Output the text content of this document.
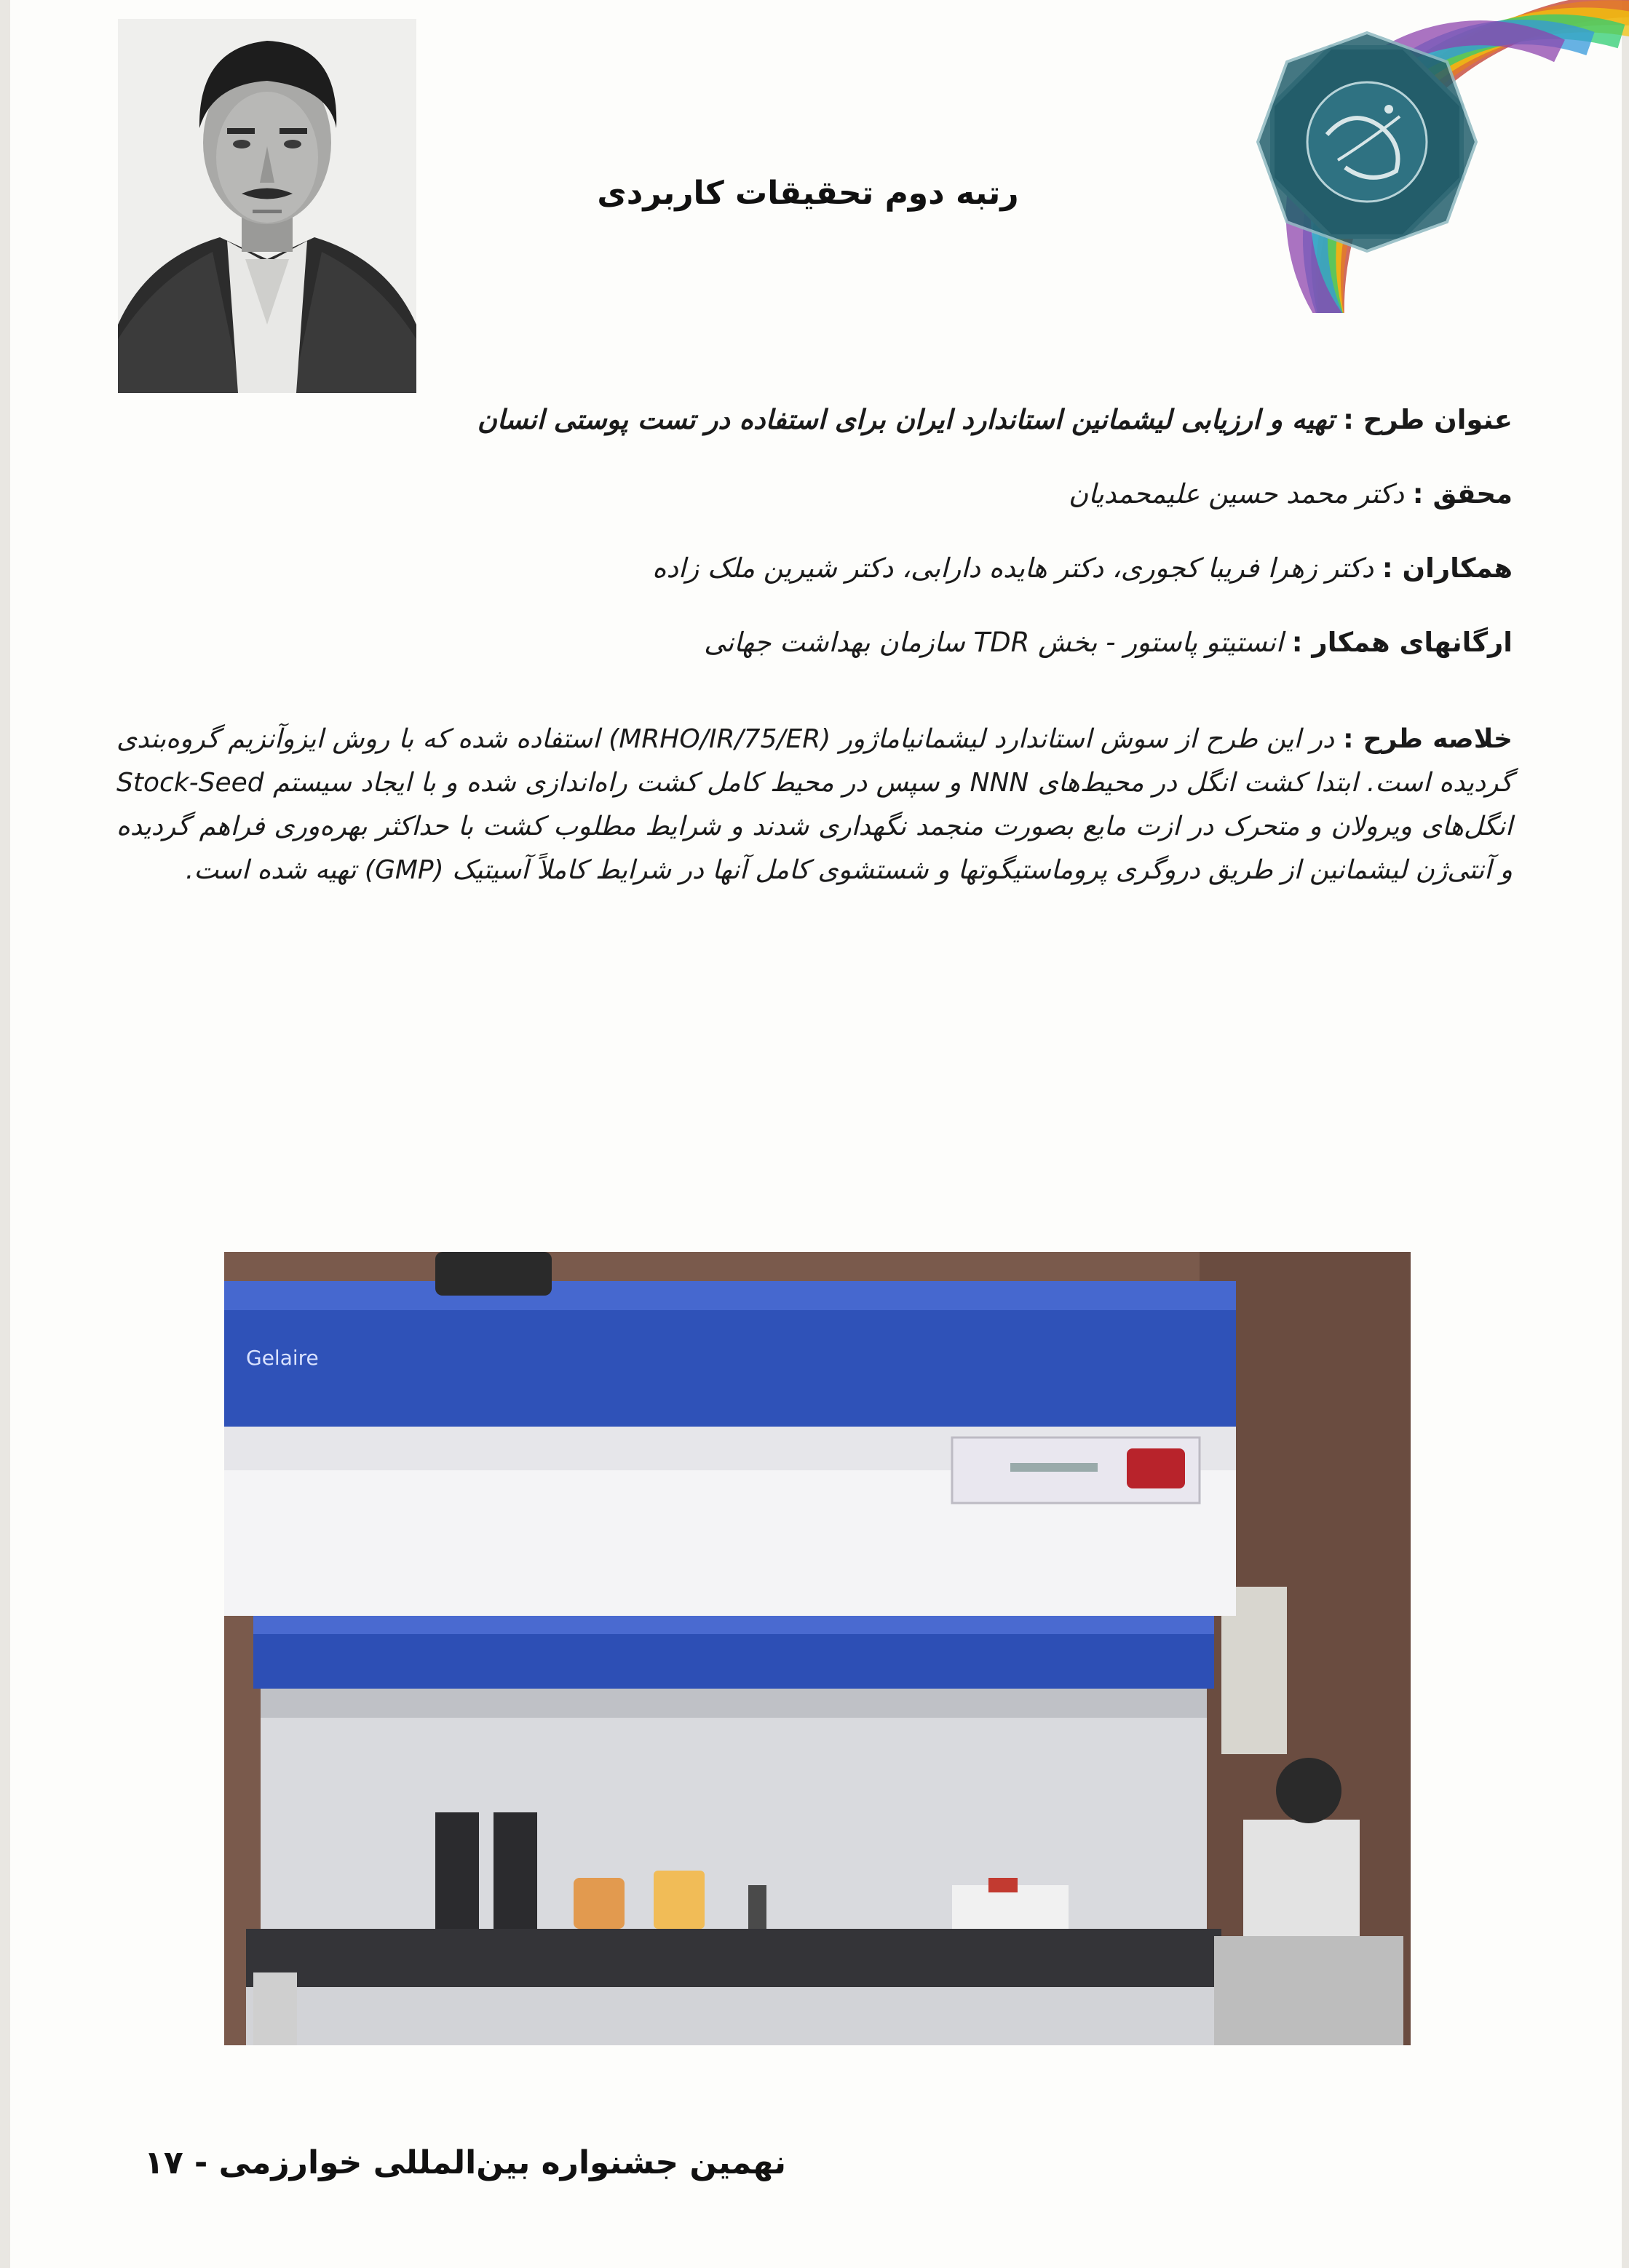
رتبه دوم تحقیقات کاربردی
عنوان طرح : تهیه و ارزیابی لیشمانین استاندارد ایران برای استفاده در تست پوستی انسان
محقق : دکتر محمد حسین علیمحمدیان
همکاران : دکتر زهرا فریبا کجوری، دکتر هایده دارابی، دکتر شیرین ملک زاده
ارگانهای همکار : انستیتو پاستور - بخش TDR سازمان بهداشت جهانی
خلاصه طرح : در این طرح از سوش استاندارد لیشمانیاماژور (MRHO/IR/75/ER) استفاده شده که با روش ایزوآنزیم گروه‌بندی گردیده است. ابتدا کشت انگل در محیط‌های NNN و سپس در محیط کامل کشت راه‌اندازی شده و با ایجاد سیستم Stock-Seed انگل‌های ویرولان و متحرک در ازت مایع بصورت منجمد نگهداری شدند و شرایط مطلوب کشت با حداکثر بهره‌وری فراهم گردیده و آنتی‌ژن لیشمانین از طریق دروگری پروماستیگوتها و شستشوی کامل آنها در شرایط کاملاً آسیتیک (GMP) تهیه شده است.
Gelaire
نهمین جشنواره بین‌المللی خوارزمی - ۱۷
